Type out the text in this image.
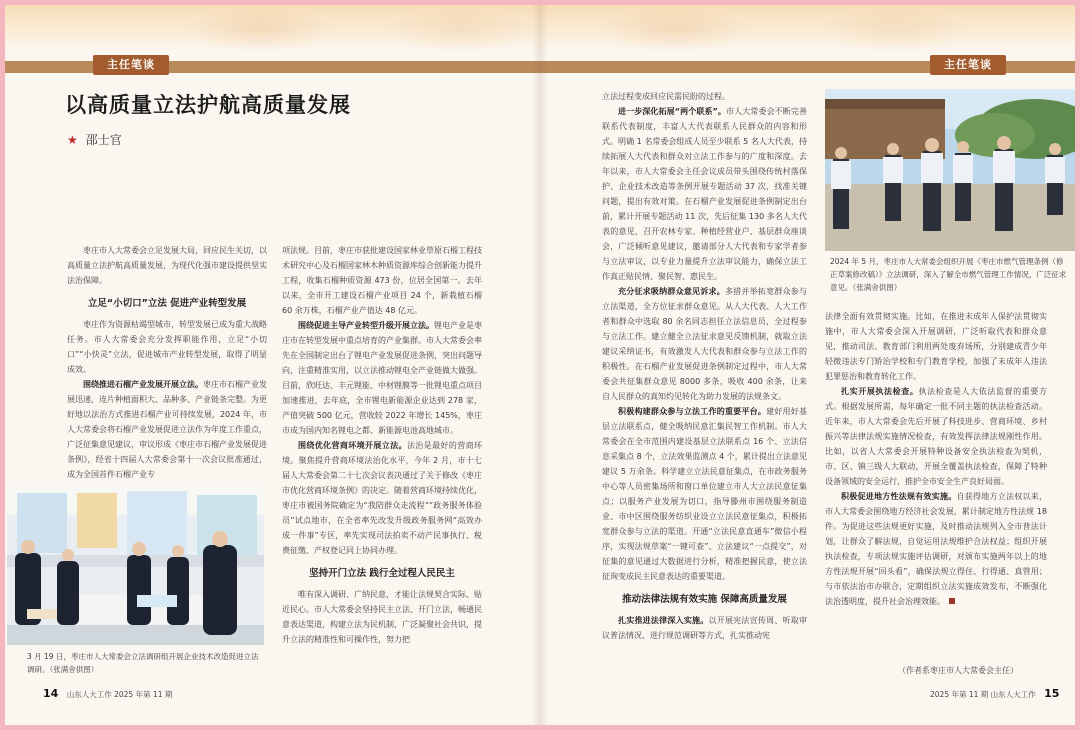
主任笔谈
以高质量立法护航高质量发展
★ 邵士官

枣庄市人大常委会立足发展大局，回应民生关切，以高质量立法护航高质量发展，为现代化强市建设提供坚实法治保障。

立足“小切口”立法 促进产业转型发展

枣庄作为资源枯竭型城市，转型发展已成为重大战略任务。市人大常委会充分发挥职能作用，立足“小切口”“小快灵”立法，促进城市产业转型发展，取得了明显成效。

围绕推进石榴产业发展开展立法。枣庄市石榴产业发展迅速，连片种植面积大、品种多、产业链条完整。为更好地以法治方式推进石榴产业可持续发展，2024 年，市人大常委会将石榴产业发展促进立法作为年度工作重点，广泛征集意见建议，审议形成《枣庄市石榴产业发展促进条例》，经省十四届人大常委会第十一次会议批准通过，成为全国首件石榴产业专

项法规。目前，枣庄市获批建设国家林业草原石榴工程技术研究中心及石榴国家林木种质资源库综合创新能力提升工程，收集石榴种质资源 473 份，位居全国第一。去年以来，全市开工建设石榴产业项目 24 个，新栽植石榴 60 余万株，石榴产业产值达 48 亿元。

围绕促进主导产业转型升级开展立法。锂电产业是枣庄市在转型发展中重点培育的产业集群。市人大常委会率先在全国制定出台了锂电产业发展促进条例，突出问题导向，注重精准实用，以立法推动锂电全产业链做大做强。目前，欣旺达、丰元锂能、中材锂膜等一批锂电重点项目加速推进，去年底，全市锂电新能源企业达到 278 家，产值突破 500 亿元，营收较 2022 年增长 145%，枣庄市成为国内知名锂电之都、新能源电池高地城市。

围绕优化营商环境开展立法。法治是最好的营商环境。聚焦提升营商环境法治化水平，今年 2 月，市十七届人大常委会第二十七次会议表决通过了关于修改《枣庄市优化营商环境条例》的决定。随着营商环境持续优化，枣庄市被国务院确定为“我陪群众走流程”“政务服务体验员”试点地市，在全省率先改发升级政务服务网“高效办成一件事”专区，率先实现司法拍卖不动产民事执行、税费征缴、产权登记同上协同办理。

坚持开门立法 践行全过程人民民主

唯有深入调研、广纳民意，才能让法规契合实际、贴近民心。市人大常委会坚持民主立法、开门立法，畅通民意表达渠道，构建立法为民机制，广泛凝聚社会共识，提升立法的精准性和可操作性，努力把

3 月 19 日，枣庄市人大常委会立法调研组开展企业技术改造促进立法调研。（张满舍供图）
14 山东人大工作 2025 年第 11 期
主任笔谈

立法过程变成回应民需民盼的过程。

进一步深化拓展“两个联系”。市人大常委会不断完善联系代表制度，丰富人大代表联系人民群众的内容和形式。明确 1 名常委会组成人员至少联系 5 名人大代表，持续拓展人大代表和群众对立法工作参与的广度和深度。去年以来，市人大常委会主任会议成员带头围绕传统村落保护、企业技术改造等条例开展专题活动 37 次，找准关键问题，提出有效对策。在石榴产业发展促进条例制定出台前，累计开展专题活动 11 次，先后征集 130 多名人大代表的意见，召开农林专家、种植经营业户、基层群众座谈会，广泛倾听意见建议，邀请部分人大代表和专家学者参与立法审议，以专业力量提升立法审议能力，确保立法工作真正贴民情、聚民智、惠民生。

充分征求吸纳群众意见诉求。多措并举拓宽群众参与立法渠道，全方位征求群众意见。从人大代表、人大工作者和群众中选取 80 余名同志担任立法信息员，全过程参与立法工作。建立健全立法征求意见反馈机制，就取立法建议采纳证书，有效激发人大代表和群众参与立法工作的积极性。在石榴产业发展促进条例制定过程中，市人大常委会共征集群众意见 8000 多条，吸收 400 余条，让来自人民群众的真知灼见转化为助力发展的法规条文。

积极构建群众参与立法工作的重要平台。建好用好基层立法联系点，健全吸纳民意汇集民智工作机制。市人大常委会在全市范围内建设基层立法联系点 16 个、立法信息采集点 8 个，立法效果监测点 4 个，累计提出立法意见建议 5 万余条。科学建立立法民意征集点，在市政务服务中心等人员密集场所和窗口单位建立市人大立法民意征集点；以服务产业发展为切口，指导滕州市围绕服务制造业、市中区围绕服务纺织业设立立法民意征集点，积极拓宽群众参与立法的渠道。开通“立法民意直通车”微信小程序，实现法规草案“一键可查”、立法建议“一点提交”，对征集的意见通过大数据进行分析，精准把握民意，使立法征询变成民主民意表达的重要渠道。

推动法律法规有效实施 保障高质量发展

扎实推进法律深入实施。以开展宪法宣传周、听取审议普法情况、进行规范调研等方式，扎实推动宪

2024 年 5 月，枣庄市人大常委会组织开展《枣庄市燃气管理条例（修正草案修改稿）》立法调研，深入了解全市燃气管理工作情况，广泛征求意见。（张满舍供图）

法律全面有效贯彻实施。比如，在推进未成年人保护法贯彻实施中，市人大常委会深入开展调研，广泛听取代表和群众意见，推动司法、教育部门利用两处废弃场所，分别建成青少年轻微违法专门矫治学校和专门教育学校，加强了未成年人违法犯罪惩治和教育转化工作。

扎实开展执法检查。执法检查是人大依法监督的重要方式。根据发展所需，每年确定一批不同主题的执法检查活动。近年来，市人大常委会先后开展了科技进步、营商环境、乡村振兴等法律法规实施情况检查，有效发挥法律法规刚性作用。比如，以省人大常委会开展特种设备安全执法检查为契机，市、区、镇三级人大联动，开展全覆盖执法检查，保障了特种设备领域的安全运行，推护全市安全生产良好局面。

积极促进地方性法规有效实施。自获得地方立法权以来，市人大常委会围绕地方经济社会发展，累计制定地方性法规 18 件。为促进这些法规更好实施，及时推动法规列入全市普法计划，让群众了解法规，自觉运用法规维护合法权益；组织开展执法检查，专项法规实施评估调研，对颁布实施两年以上的地方性法规开展“回头看”，确保法规立得住、行得通、真管用；与市依法治市办联合，定期组织立法实施成效发布，不断强化法治透明度，提升社会治理效能。

（作者系枣庄市人大常委会主任）
2025 年第 11 期 山东人大工作 15
